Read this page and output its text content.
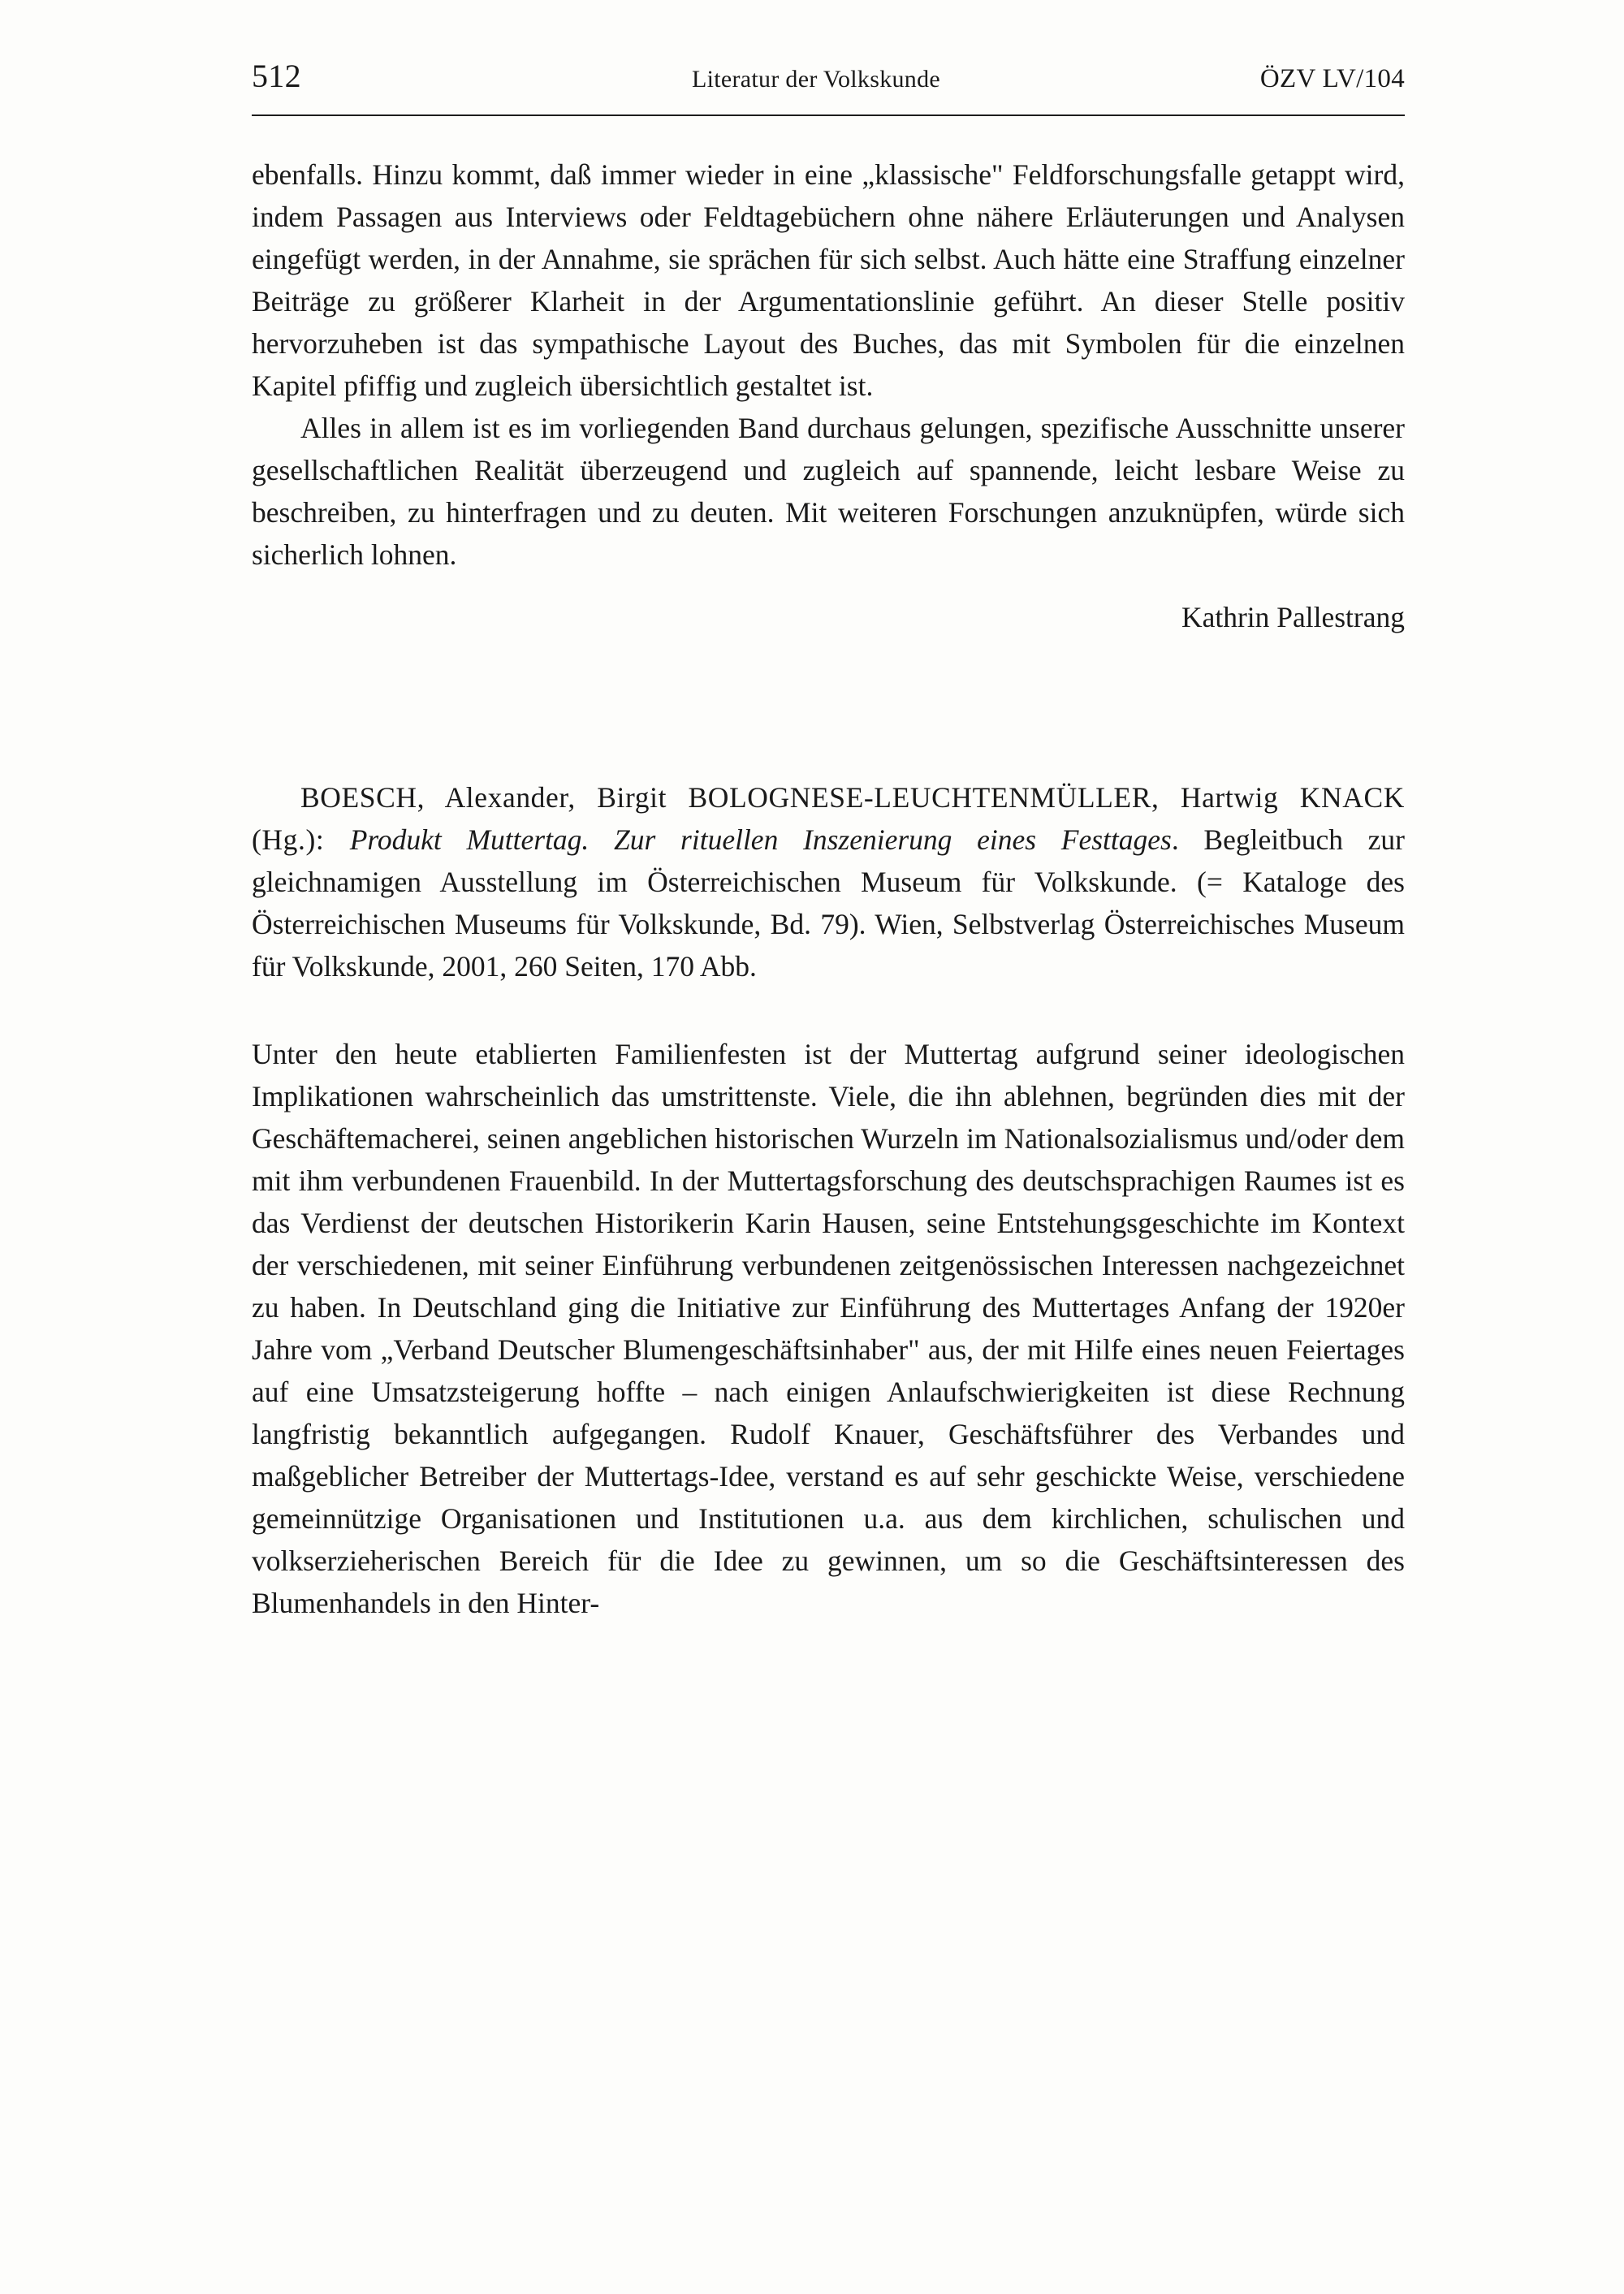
512	Literatur der Volkskunde	ÖZV LV/104

ebenfalls. Hinzu kommt, daß immer wieder in eine „klassische" Feldforschungsfalle getappt wird, indem Passagen aus Interviews oder Feldtagebüchern ohne nähere Erläuterungen und Analysen eingefügt werden, in der Annahme, sie sprächen für sich selbst. Auch hätte eine Straffung einzelner Beiträge zu größerer Klarheit in der Argumentationslinie geführt. An dieser Stelle positiv hervorzuheben ist das sympathische Layout des Buches, das mit Symbolen für die einzelnen Kapitel pfiffig und zugleich übersichtlich gestaltet ist.

Alles in allem ist es im vorliegenden Band durchaus gelungen, spezifische Ausschnitte unserer gesellschaftlichen Realität überzeugend und zugleich auf spannende, leicht lesbare Weise zu beschreiben, zu hinterfragen und zu deuten. Mit weiteren Forschungen anzuknüpfen, würde sich sicherlich lohnen.

Kathrin Pallestrang
BOESCH, Alexander, Birgit BOLOGNESE-LEUCHTENMÜLLER, Hartwig KNACK (Hg.): Produkt Muttertag. Zur rituellen Inszenierung eines Festtages. Begleitbuch zur gleichnamigen Ausstellung im Österreichischen Museum für Volkskunde. (= Kataloge des Österreichischen Museums für Volkskunde, Bd. 79). Wien, Selbstverlag Österreichisches Museum für Volkskunde, 2001, 260 Seiten, 170 Abb.

Unter den heute etablierten Familienfesten ist der Muttertag aufgrund seiner ideologischen Implikationen wahrscheinlich das umstrittenste. Viele, die ihn ablehnen, begründen dies mit der Geschäftemacherei, seinen angeblichen historischen Wurzeln im Nationalsozialismus und/oder dem mit ihm verbundenen Frauenbild. In der Muttertagsforschung des deutschsprachigen Raumes ist es das Verdienst der deutschen Historikerin Karin Hausen, seine Entstehungsgeschichte im Kontext der verschiedenen, mit seiner Einführung verbundenen zeitgenössischen Interessen nachgezeichnet zu haben. In Deutschland ging die Initiative zur Einführung des Muttertages Anfang der 1920er Jahre vom „Verband Deutscher Blumengeschäftsinhaber" aus, der mit Hilfe eines neuen Feiertages auf eine Umsatzsteigerung hoffte – nach einigen Anlaufschwierigkeiten ist diese Rechnung langfristig bekanntlich aufgegangen. Rudolf Knauer, Geschäftsführer des Verbandes und maßgeblicher Betreiber der Muttertags-Idee, verstand es auf sehr geschickte Weise, verschiedene gemeinnützige Organisationen und Institutionen u.a. aus dem kirchlichen, schulischen und volkserzieherischen Bereich für die Idee zu gewinnen, um so die Geschäftsinteressen des Blumenhandels in den Hinter-
